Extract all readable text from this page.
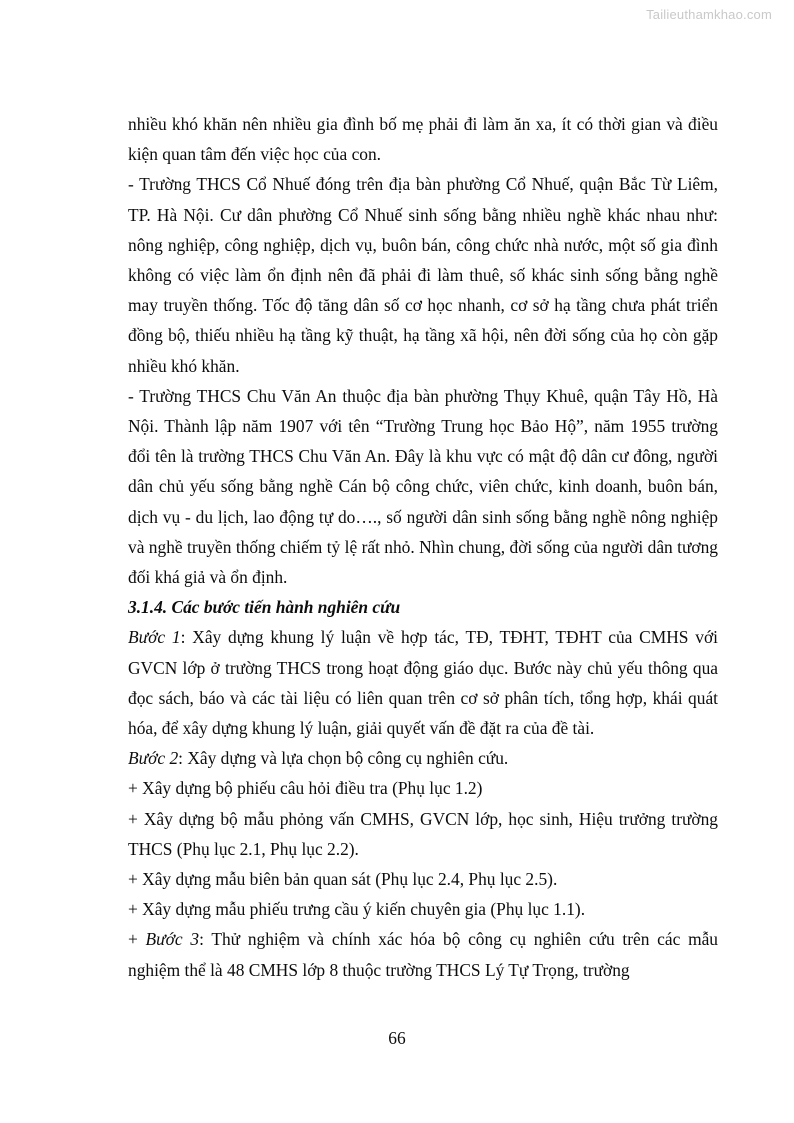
Tailieuthamkhao.com

nhiều khó khăn nên nhiều gia đình bố mẹ phải đi làm ăn xa, ít có thời gian và điều kiện quan tâm đến việc học của con.

- Trường THCS Cổ Nhuế đóng trên địa bàn phường Cổ Nhuế, quận Bắc Từ Liêm, TP. Hà Nội. Cư dân phường Cổ Nhuế sinh sống bằng nhiều nghề khác nhau như: nông nghiệp, công nghiệp, dịch vụ, buôn bán, công chức nhà nước, một số gia đình không có việc làm ổn định nên đã phải đi làm thuê, số khác sinh sống bằng nghề may truyền thống. Tốc độ tăng dân số cơ học nhanh, cơ sở hạ tầng chưa phát triển đồng bộ, thiếu nhiều hạ tầng kỹ thuật, hạ tầng xã hội, nên đời sống của họ còn gặp nhiều khó khăn.

- Trường THCS Chu Văn An thuộc địa bàn phường Thụy Khuê, quận Tây Hồ, Hà Nội. Thành lập năm 1907 với tên “Trường Trung học Bảo Hộ”, năm 1955 trường đổi tên là trường THCS Chu Văn An. Đây là khu vực có mật độ dân cư đông, người dân chủ yếu sống bằng nghề Cán bộ công chức, viên chức, kinh doanh, buôn bán, dịch vụ - du lịch, lao động tự do…., số người dân sinh sống bằng nghề nông nghiệp và nghề truyền thống chiếm tỷ lệ rất nhỏ. Nhìn chung, đời sống của người dân tương đối khá giả và ổn định.

3.1.4. Các bước tiến hành nghiên cứu

Bước 1: Xây dựng khung lý luận về hợp tác, TĐ, TĐHT, TĐHT của CMHS với GVCN lớp ở trường THCS trong hoạt động giáo dục. Bước này chủ yếu thông qua đọc sách, báo và các tài liệu có liên quan trên cơ sở phân tích, tổng hợp, khái quát hóa, để xây dựng khung lý luận, giải quyết vấn đề đặt ra của đề tài.

Bước 2: Xây dựng và lựa chọn bộ công cụ nghiên cứu.

+ Xây dựng bộ phiếu câu hỏi điều tra (Phụ lục 1.2)

+ Xây dựng bộ mẫu phỏng vấn CMHS, GVCN lớp, học sinh, Hiệu trưởng trường THCS (Phụ lục 2.1, Phụ lục 2.2).

+ Xây dựng mẫu biên bản quan sát (Phụ lục 2.4, Phụ lục 2.5).

+ Xây dựng mẫu phiếu trưng cầu ý kiến chuyên gia (Phụ lục 1.1).

+ Bước 3: Thử nghiệm và chính xác hóa bộ công cụ nghiên cứu trên các mẫu nghiệm thể là 48 CMHS lớp 8 thuộc trường THCS Lý Tự Trọng, trường

66
